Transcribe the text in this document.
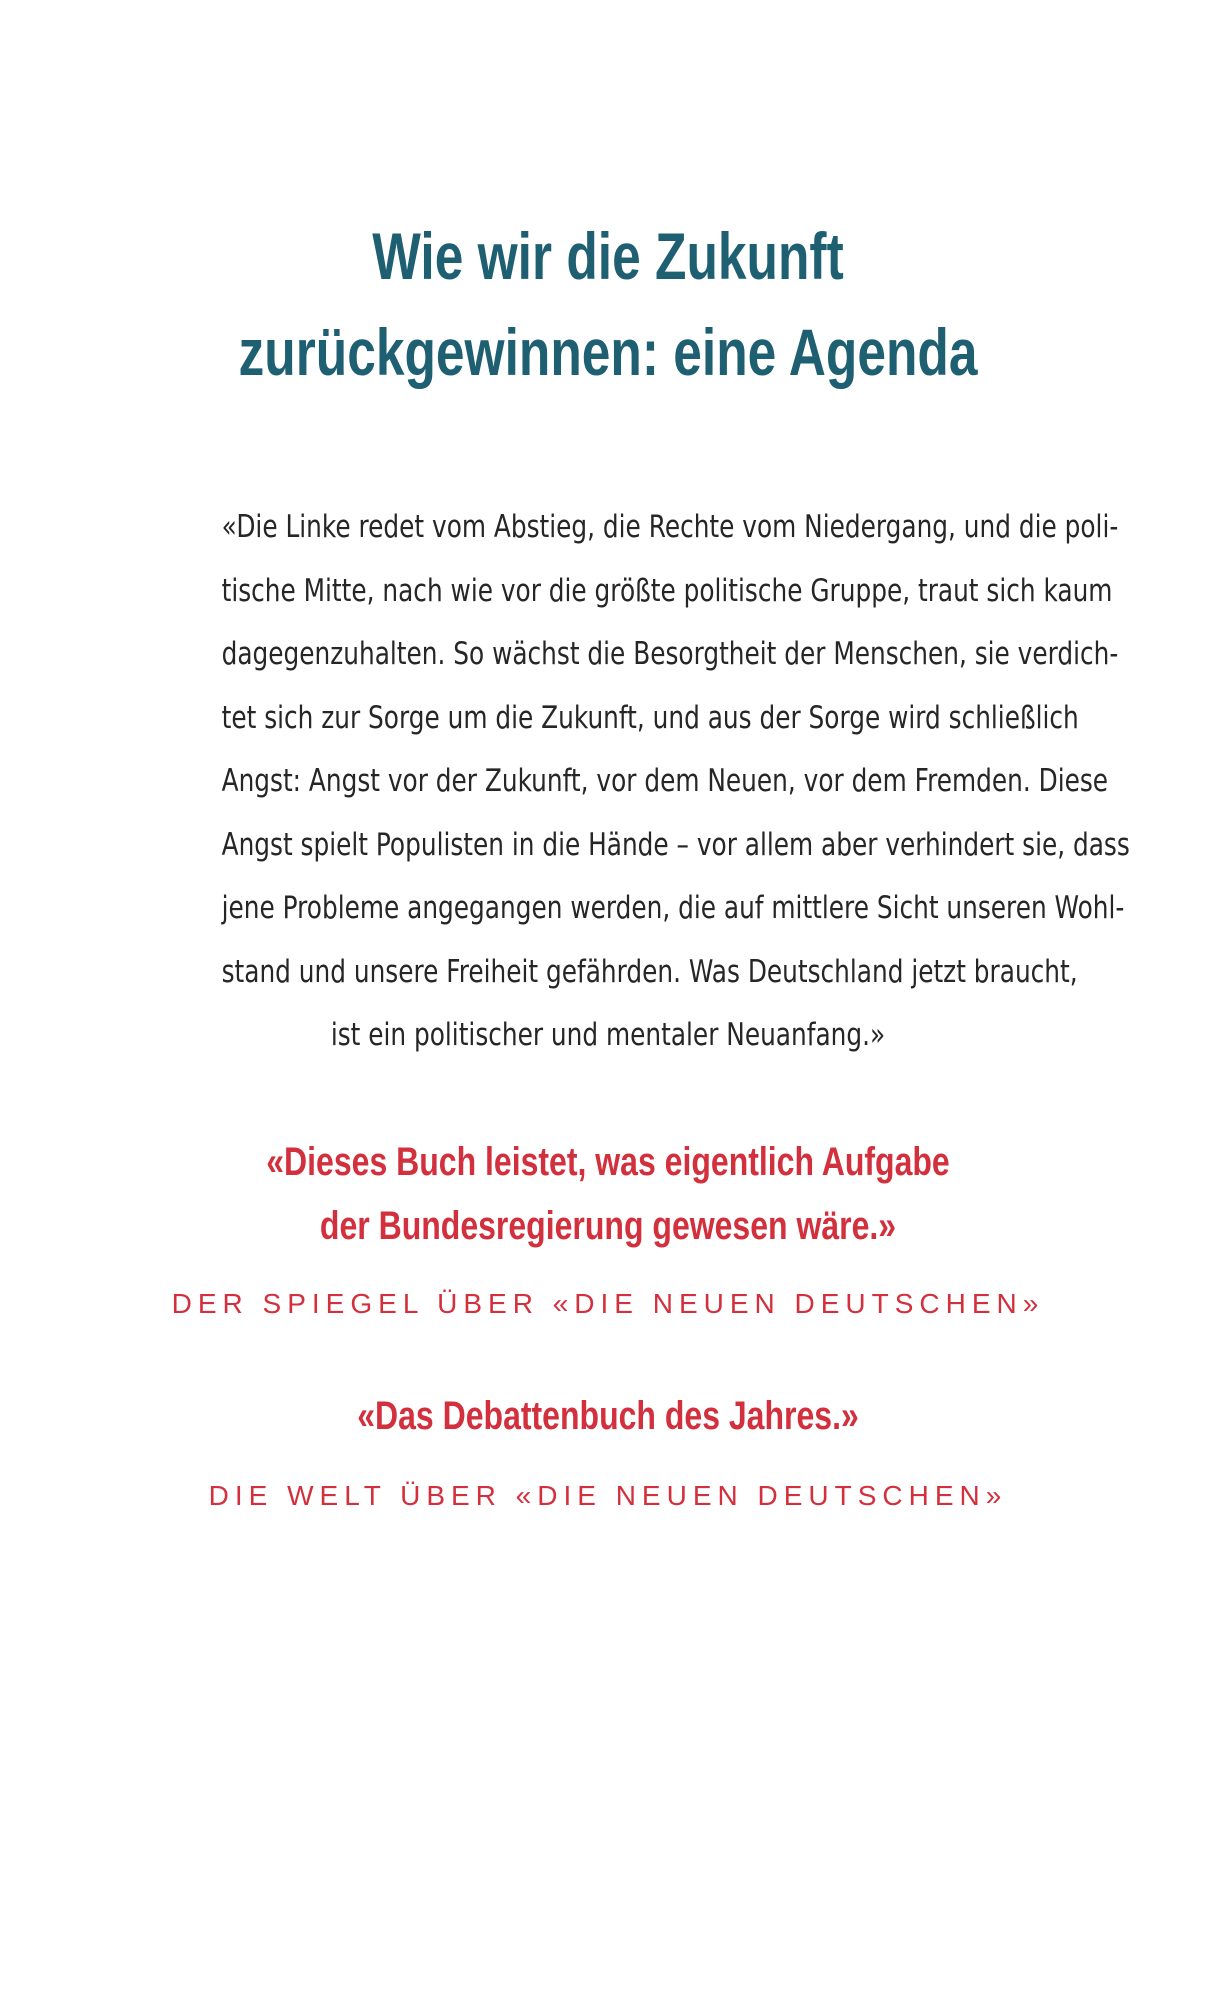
Wie wir die Zukunft
zurückgewinnen: eine Agenda

«Die Linke redet vom Abstieg, die Rechte vom Niedergang, und die poli-
tische Mitte, nach wie vor die größte politische Gruppe, traut sich kaum
dagegenzuhalten. So wächst die Besorgtheit der Menschen, sie verdich-
tet sich zur Sorge um die Zukunft, und aus der Sorge wird schließlich
Angst: Angst vor der Zukunft, vor dem Neuen, vor dem Fremden. Diese
Angst spielt Populisten in die Hände – vor allem aber verhindert sie, dass
jene Probleme angegangen werden, die auf mittlere Sicht unseren Wohl-
stand und unsere Freiheit gefährden. Was Deutschland jetzt braucht,
ist ein politischer und mentaler Neuanfang.»

«Dieses Buch leistet, was eigentlich Aufgabe
der Bundesregierung gewesen wäre.»

DER SPIEGEL ÜBER «DIE NEUEN DEUTSCHEN»

«Das Debattenbuch des Jahres.»

DIE WELT ÜBER «DIE NEUEN DEUTSCHEN»
